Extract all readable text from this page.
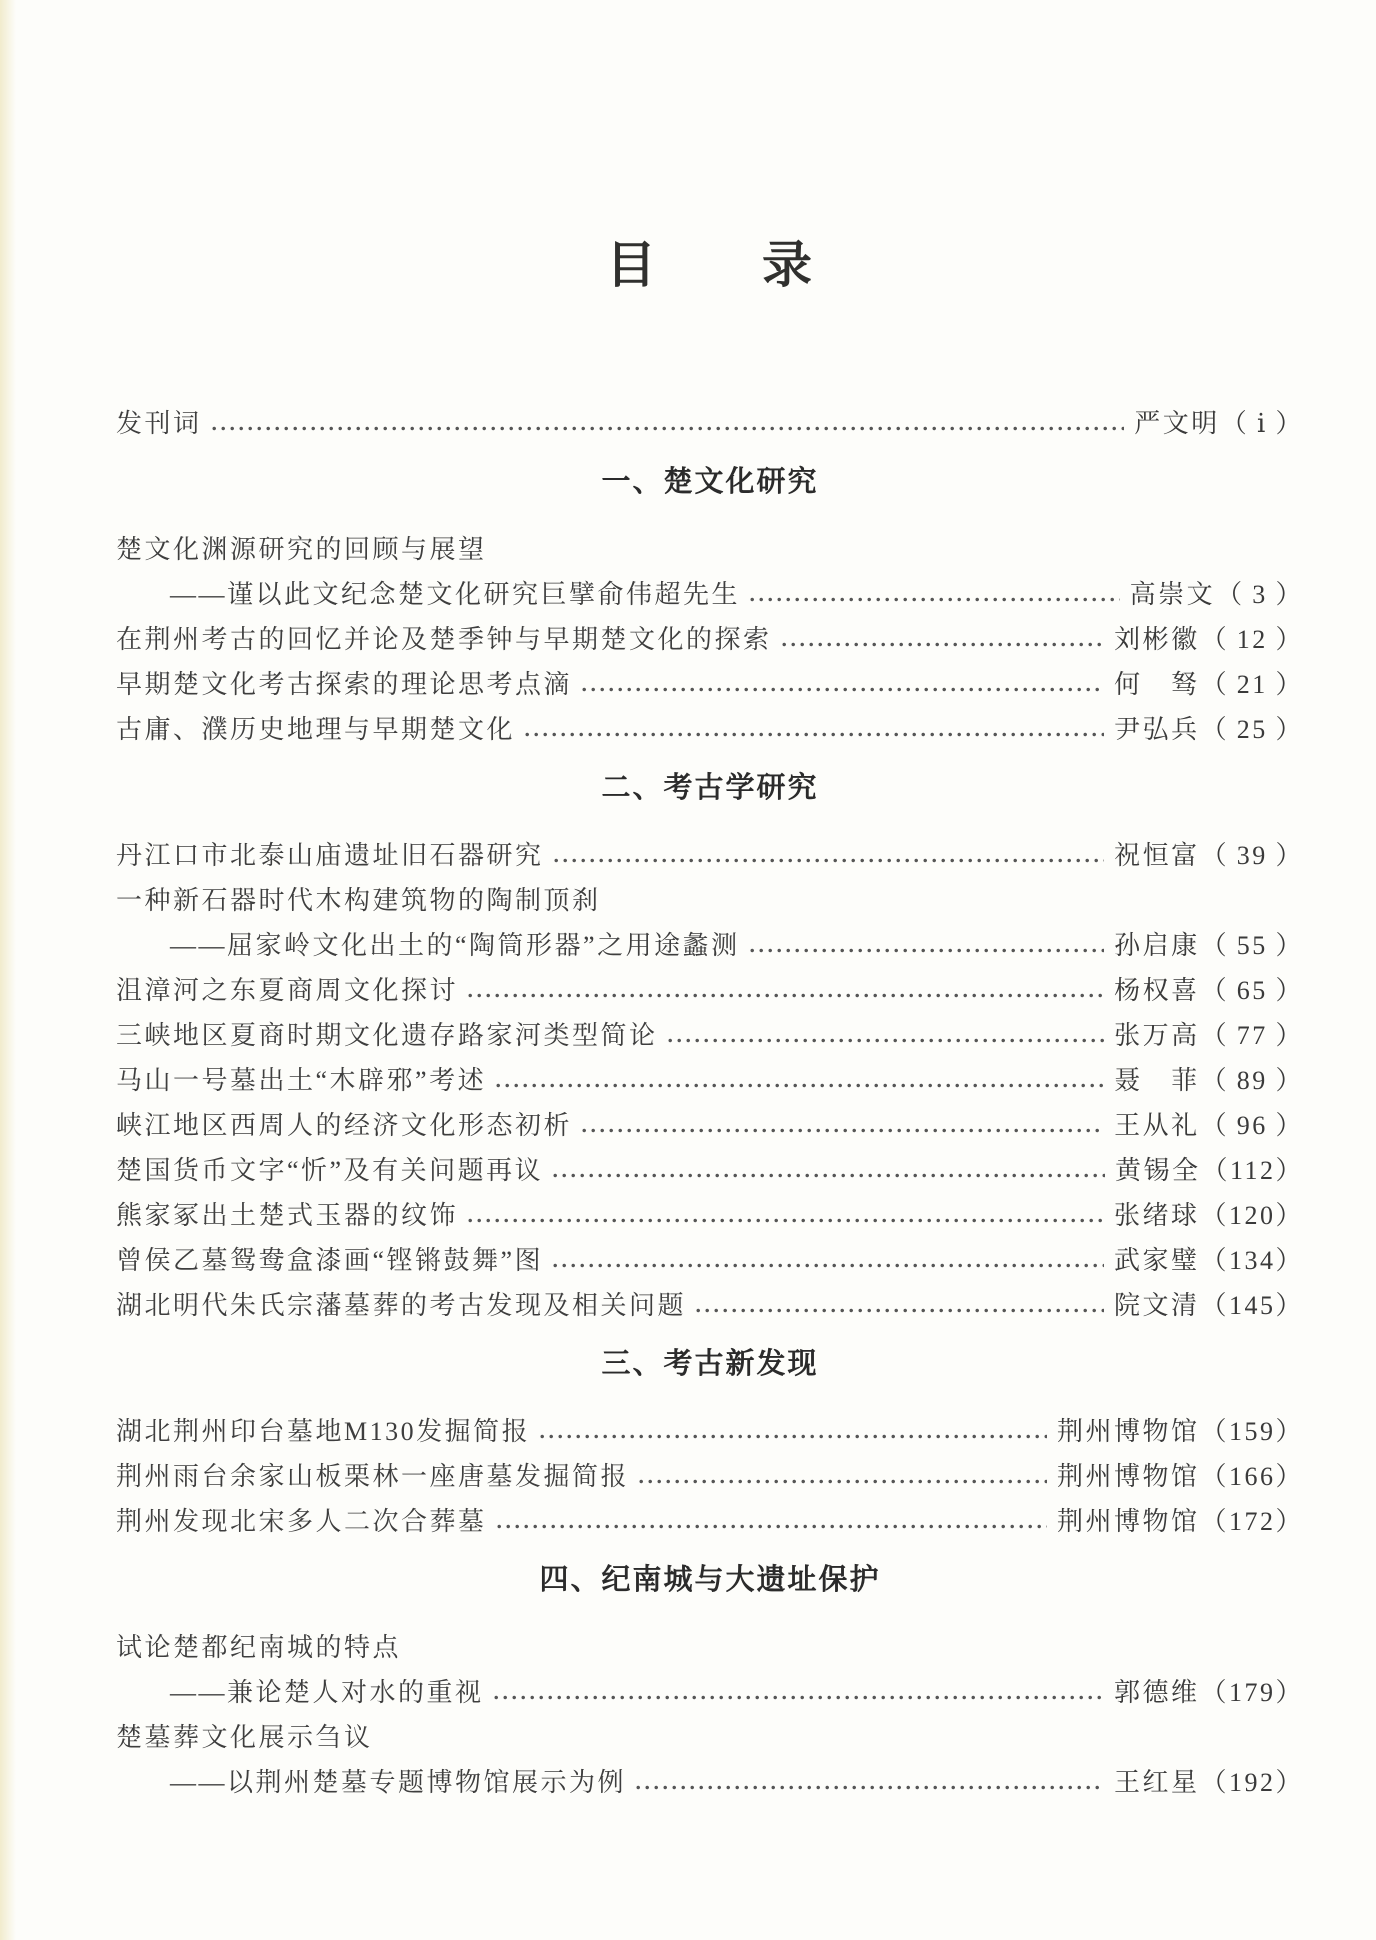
目　　录
发刊词	严文明 （ ⅰ ）
一、楚文化研究
楚文化渊源研究的回顾与展望
——谨以此文纪念楚文化研究巨擘俞伟超先生	高崇文 （ 3 ）
在荆州考古的回忆并论及楚季钟与早期楚文化的探索	刘彬徽 （ 12 ）
早期楚文化考古探索的理论思考点滴	何　驽 （ 21 ）
古庸、濮历史地理与早期楚文化	尹弘兵 （ 25 ）
二、考古学研究
丹江口市北泰山庙遗址旧石器研究	祝恒富 （ 39 ）
一种新石器时代木构建筑物的陶制顶刹
——屈家岭文化出土的“陶筒形器”之用途蠡测	孙启康 （ 55 ）
沮漳河之东夏商周文化探讨	杨权喜 （ 65 ）
三峡地区夏商时期文化遗存路家河类型简论	张万高 （ 77 ）
马山一号墓出土“木辟邪”考述	聂　菲 （ 89 ）
峡江地区西周人的经济文化形态初析	王从礼 （ 96 ）
楚国货币文字“忻”及有关问题再议	黄锡全 （112）
熊家冢出土楚式玉器的纹饰	张绪球 （120）
曾侯乙墓鸳鸯盒漆画“铿锵鼓舞”图	武家璧 （134）
湖北明代朱氏宗藩墓葬的考古发现及相关问题	院文清 （145）
三、考古新发现
湖北荆州印台墓地M130发掘简报	荆州博物馆 （159）
荆州雨台余家山板栗林一座唐墓发掘简报	荆州博物馆 （166）
荆州发现北宋多人二次合葬墓	荆州博物馆 （172）
四、纪南城与大遗址保护
试论楚都纪南城的特点
——兼论楚人对水的重视	郭德维 （179）
楚墓葬文化展示刍议
——以荆州楚墓专题博物馆展示为例	王红星 （192）
